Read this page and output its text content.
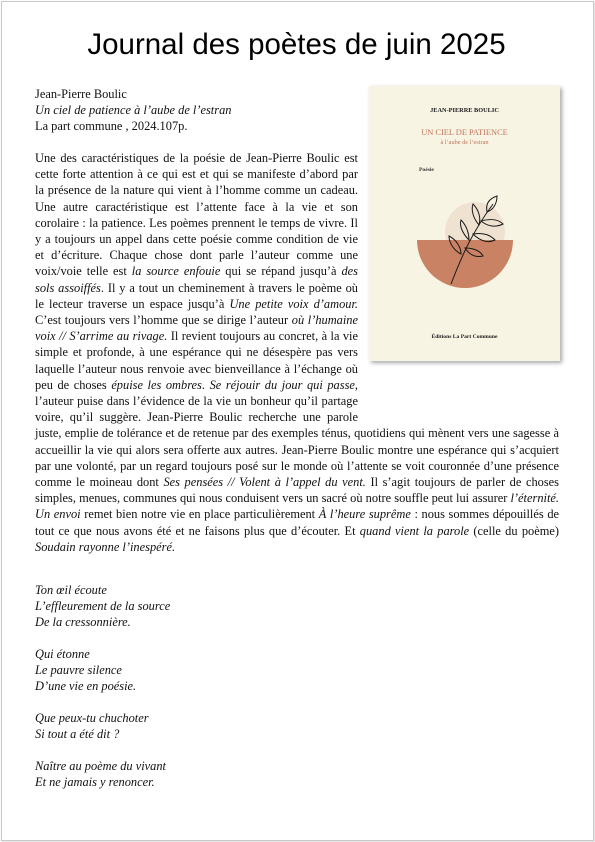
Journal des poètes de juin 2025
Jean-Pierre Boulic
Un ciel de patience à l’aube de l’estran
La part commune , 2024.107p.
JEAN-PIERRE BOULIC
UN CIEL DE PATIENCE
à l’aube de l’estran
Poésie
Éditions La Part Commune

Une des caractéristiques de la poésie de Jean-Pierre Boulic est cette forte attention à ce qui est et qui se manifeste d’abord par la présence de la nature qui vient à l’homme comme un cadeau. Une autre caractéristique est l’attente face à la vie et son corolaire : la patience. Les poèmes prennent le temps de vivre. Il y a toujours un appel dans cette poésie comme condition de vie et d’écriture. Chaque chose dont parle l’auteur comme une voix/voie telle est la source enfouie qui se répand jusqu’à des sols assoiffés. Il y a tout un cheminement à travers le poème où le lecteur traverse un espace jusqu’à Une petite voix d’amour. C’est toujours vers l’homme que se dirige l’auteur où l’humaine voix // S’arrime au rivage. Il revient toujours au concret, à la vie simple et profonde, à une espérance qui ne désespère pas vers laquelle l’auteur nous renvoie avec bienveillance à l’échange où peu de choses épuise les ombres. Se réjouir du jour qui passe, l’auteur puise dans l’évidence de la vie un bonheur qu’il partage voire, qu’il suggère. Jean-Pierre Boulic recherche une parole juste, emplie de tolérance et de retenue par des exemples ténus, quotidiens qui mènent vers une sagesse à accueillir la vie qui alors sera offerte aux autres. Jean-Pierre Boulic montre une espérance qui s’acquiert par une volonté, par un regard toujours posé sur le monde où l’attente se voit couronnée d’une présence comme le moineau dont Ses pensées // Volent à l’appel du vent. Il s’agit toujours de parler de choses simples, menues, communes qui nous conduisent vers un sacré où notre souffle peut lui assurer l’éternité. Un envoi remet bien notre vie en place particulièrement À l’heure suprême : nous sommes dépouillés de tout ce que nous avons été et ne faisons plus que d’écouter. Et quand vient la parole (celle du poème) Soudain rayonne l’inespéré.

Ton œil écoute
L’effleurement de la source
De la cressonnière.
Qui étonne
Le pauvre silence
D’une vie en poésie.
Que peux-tu chuchoter
Si tout a été dit ?
Naître au poème du vivant
Et ne jamais y renoncer.
